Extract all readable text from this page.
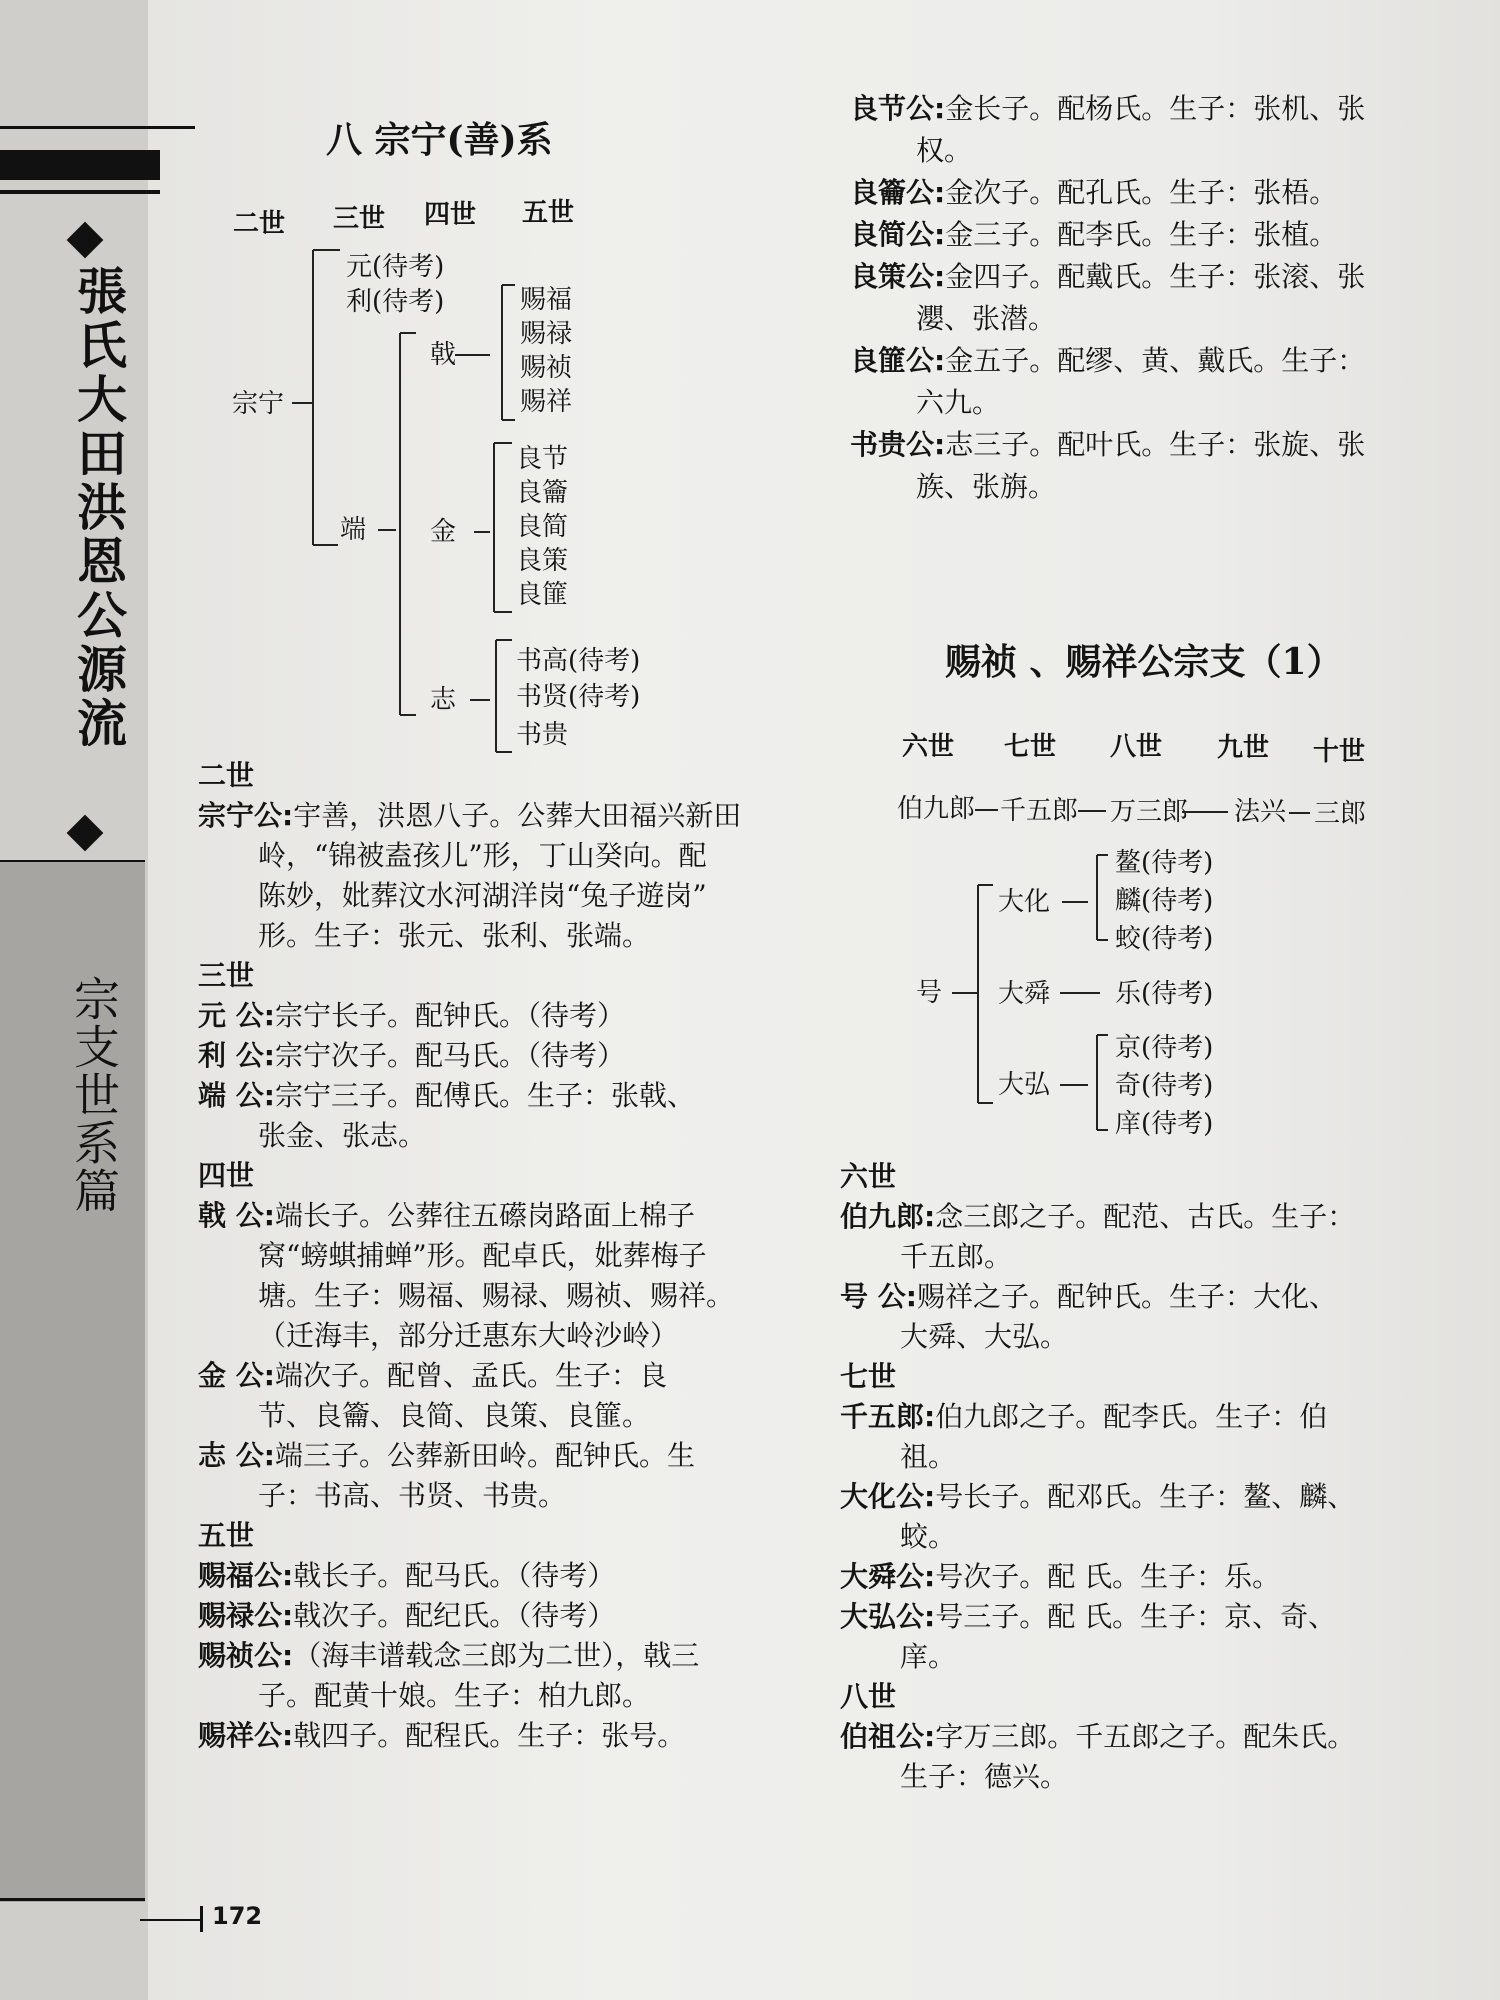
張氏大田洪恩公源流
宗支世系篇
172
八 宗宁(善)系
二世 三世 四世 五世
宗宁
元(待考)
利(待考)
端
戟
金
志
赐福
赐禄
赐祯
赐祥
良节
良籥
良简
良策
良篚
书高(待考)
书贤(待考)
书贵
二世
宗宁公:宇善，洪恩八子。公葬大田福兴新田
岭，“锦被盍孩儿”形，丁山癸向。配
陈妙，妣葬汶水河湖洋岗“兔子遊岗”
形。生子：张元、张利、张端。
三世
元 公:宗宁长子。配钟氏。（待考）
利 公:宗宁次子。配马氏。（待考）
端 公:宗宁三子。配傅氏。生子：张戟、
张金、张志。
四世
戟 公:端长子。公葬往五礤岗路面上棉子
窝“螃蜞捕蝉”形。配卓氏，妣葬梅子
塘。生子：赐福、赐禄、赐祯、赐祥。
（迁海丰，部分迁惠东大岭沙岭）
金 公:端次子。配曾、孟氏。生子：良
节、良籥、良简、良策、良篚。
志 公:端三子。公葬新田岭。配钟氏。生
子：书高、书贤、书贵。
五世
赐福公:戟长子。配马氏。（待考）
赐禄公:戟次子。配纪氏。（待考）
赐祯公:（海丰谱载念三郎为二世），戟三
子。配黄十娘。生子：柏九郎。
赐祥公:戟四子。配程氏。生子：张号。
良节公:金长子。配杨氏。生子：张机、张
权。
良籥公:金次子。配孔氏。生子：张梧。
良简公:金三子。配李氏。生子：张植。
良策公:金四子。配戴氏。生子：张滚、张
瀴、张潜。
良篚公:金五子。配缪、黄、戴氏。生子：
六九。
书贵公:志三子。配叶氏。生子：张旋、张
族、张旃。
赐祯 、赐祥公宗支（1）
六世 七世 八世 九世 十世
伯九郎 千五郎 万三郎 法兴 三郎
号
大化
大舜
大弘
鳌(待考)
麟(待考)
蛟(待考)
乐(待考)
京(待考)
奇(待考)
庠(待考)
六世
伯九郎:念三郎之子。配范、古氏。生子：
千五郎。
号 公:赐祥之子。配钟氏。生子：大化、
大舜、大弘。
七世
千五郎:伯九郎之子。配李氏。生子：伯
祖。
大化公:号长子。配邓氏。生子：鳌、麟、
蛟。
大舜公:号次子。配 氏。生子：乐。
大弘公:号三子。配 氏。生子：京、奇、
庠。
八世
伯祖公:字万三郎。千五郎之子。配朱氏。
生子：德兴。
